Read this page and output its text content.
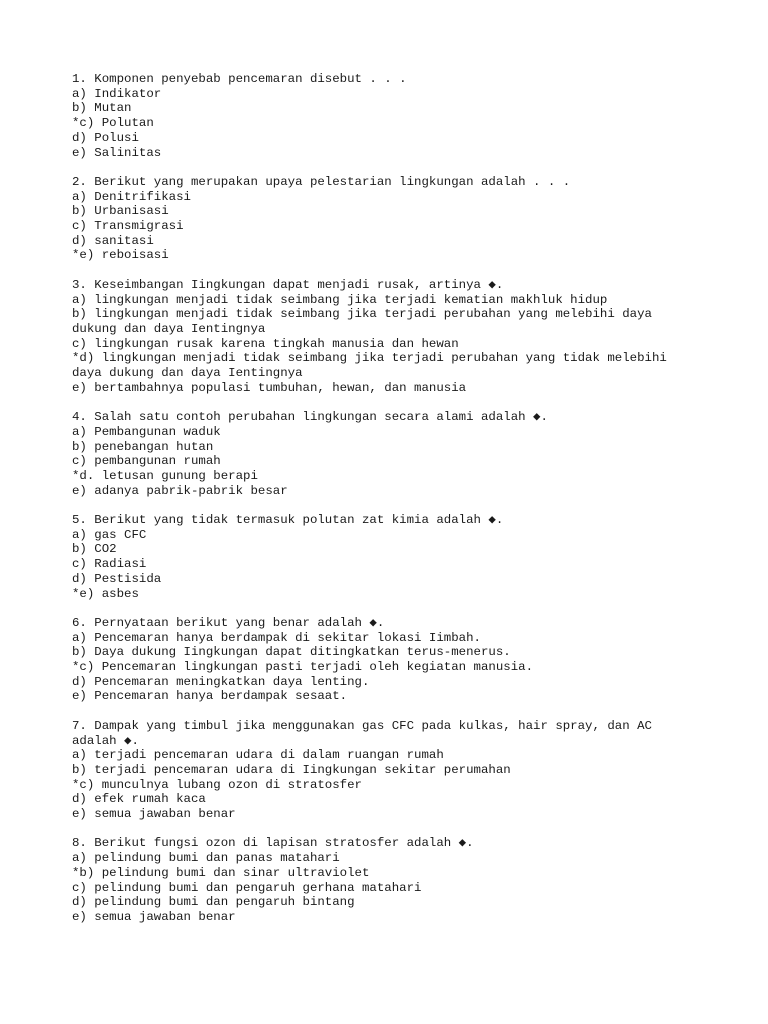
1. Komponen penyebab pencemaran disebut . . .
a) Indikator
b) Mutan
*c) Polutan
d) Polusi
e) Salinitas
2. Berikut yang merupakan upaya pelestarian lingkungan adalah . . .
a) Denitrifikasi
b) Urbanisasi
c) Transmigrasi
d) sanitasi
*e) reboisasi
3. Keseimbangan Iingkungan dapat menjadi rusak, artinya ◆.
a) lingkungan menjadi tidak seimbang jika terjadi kematian makhluk hidup
b) lingkungan menjadi tidak seimbang jika terjadi perubahan yang melebihi daya
dukung dan daya Ientingnya
c) lingkungan rusak karena tingkah manusia dan hewan
*d) lingkungan menjadi tidak seimbang jika terjadi perubahan yang tidak melebihi
daya dukung dan daya Ientingnya
e) bertambahnya populasi tumbuhan, hewan, dan manusia
4. Salah satu contoh perubahan lingkungan secara alami adalah ◆.
a) Pembangunan waduk
b) penebangan hutan
c) pembangunan rumah
*d. letusan gunung berapi
e) adanya pabrik-pabrik besar
5. Berikut yang tidak termasuk polutan zat kimia adalah ◆.
a) gas CFC
b) CO2
c) Radiasi
d) Pestisida
*e) asbes
6. Pernyataan berikut yang benar adalah ◆.
a) Pencemaran hanya berdampak di sekitar lokasi Iimbah.
b) Daya dukung Iingkungan dapat ditingkatkan terus-menerus.
*c) Pencemaran lingkungan pasti terjadi oleh kegiatan manusia.
d) Pencemaran meningkatkan daya lenting.
e) Pencemaran hanya berdampak sesaat.
7. Dampak yang timbul jika menggunakan gas CFC pada kulkas, hair spray, dan AC
adalah ◆.
a) terjadi pencemaran udara di dalam ruangan rumah
b) terjadi pencemaran udara di Iingkungan sekitar perumahan
*c) munculnya lubang ozon di stratosfer
d) efek rumah kaca
e) semua jawaban benar
8. Berikut fungsi ozon di lapisan stratosfer adalah ◆.
a) pelindung bumi dan panas matahari
*b) pelindung bumi dan sinar ultraviolet
c) pelindung bumi dan pengaruh gerhana matahari
d) pelindung bumi dan pengaruh bintang
e) semua jawaban benar
